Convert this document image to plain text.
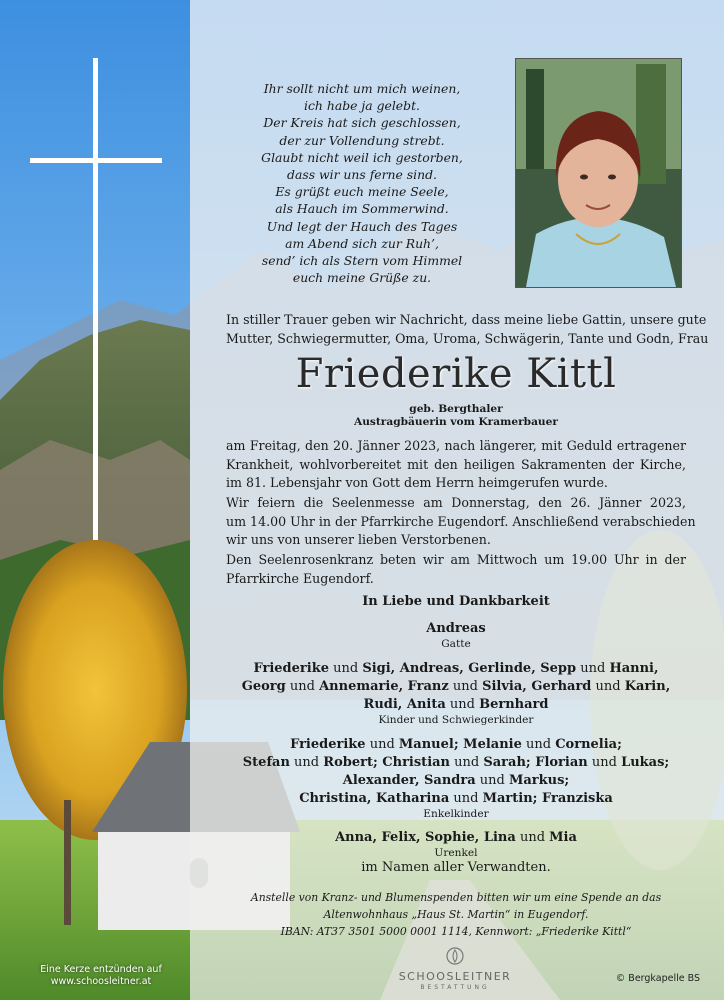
Ihr sollt nicht um mich weinen,
ich habe ja gelebt.
Der Kreis hat sich geschlossen,
der zur Vollendung strebt.
Glaubt nicht weil ich gestorben,
dass wir uns ferne sind.
Es grüßt euch meine Seele,
als Hauch im Sommerwind.
Und legt der Hauch des Tages
am Abend sich zur Ruh’,
send’ ich als Stern vom Himmel
euch meine Grüße zu.
In stiller Trauer geben wir Nachricht, dass meine liebe Gattin, unsere gute
Mutter, Schwiegermutter, Oma, Uroma, Schwägerin, Tante und Godn, Frau
Friederike Kittl
geb. Bergthaler
Austragbäuerin vom Kramerbauer
am Freitag, den 20. Jänner 2023, nach längerer, mit Geduld ertragener
Krankheit, wohlvorbereitet mit den heiligen Sakramenten der Kirche,
im 81. Lebensjahr von Gott dem Herrn heimgerufen wurde.
Wir feiern die Seelenmesse am Donnerstag, den 26. Jänner 2023,
um 14.00 Uhr in der Pfarrkirche Eugendorf. Anschließend verabschieden
wir uns von unserer lieben Verstorbenen.
Den Seelenrosenkranz beten wir am Mittwoch um 19.00 Uhr in der
Pfarrkirche Eugendorf.
In Liebe und Dankbarkeit
Andreas
Gatte
Friederike und Sigi, Andreas, Gerlinde, Sepp und Hanni,
Georg und Annemarie, Franz und Silvia, Gerhard und Karin,
Rudi, Anita und Bernhard
Kinder und Schwiegerkinder
Friederike und Manuel; Melanie und Cornelia;
Stefan und Robert; Christian und Sarah; Florian und Lukas;
Alexander, Sandra und Markus;
Christina, Katharina und Martin; Franziska
Enkelkinder
Anna, Felix, Sophie, Lina und Mia
Urenkel
im Namen aller Verwandten.
Anstelle von Kranz- und Blumenspenden bitten wir um eine Spende an das
Altenwohnhaus „Haus St. Martin“ in Eugendorf.
IBAN: AT37 3501 5000 0001 1114, Kennwort: „Friederike Kittl“
Eine Kerze entzünden auf
www.schoosleitner.at	SCHOOSLEITNER
BESTATTUNG
© Bergkapelle BS
